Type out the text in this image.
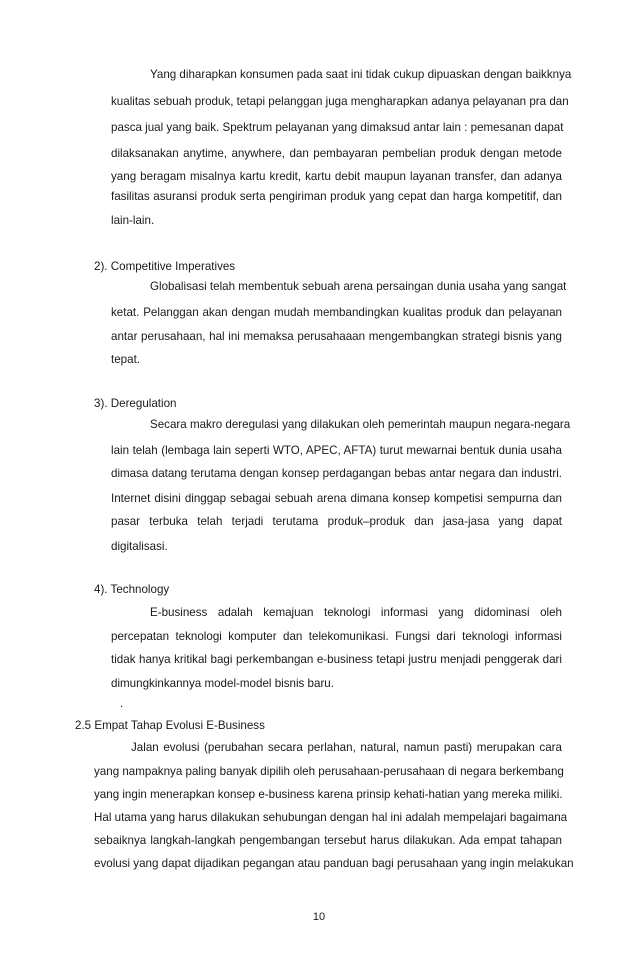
Yang diharapkan konsumen pada saat ini tidak cukup dipuaskan dengan baikknya
kualitas sebuah produk, tetapi pelanggan juga mengharapkan adanya pelayanan pra dan
pasca jual yang baik. Spektrum pelayanan yang dimaksud antar lain : pemesanan dapat
dilaksanakan anytime, anywhere, dan pembayaran pembelian produk dengan metode
yang beragam misalnya kartu kredit, kartu debit maupun layanan transfer, dan adanya
fasilitas asuransi produk serta pengiriman produk yang cepat dan harga kompetitif, dan
lain-lain.
2). Competitive Imperatives
Globalisasi telah membentuk sebuah arena persaingan dunia usaha yang sangat
ketat. Pelanggan akan dengan mudah membandingkan kualitas produk dan pelayanan
antar perusahaan, hal ini memaksa perusahaaan mengembangkan strategi bisnis yang
tepat.
3). Deregulation
Secara makro deregulasi yang dilakukan oleh pemerintah maupun negara-negara
lain telah (lembaga lain seperti WTO, APEC, AFTA) turut mewarnai bentuk dunia usaha
dimasa datang terutama dengan konsep perdagangan bebas antar negara dan industri.
Internet disini dinggap sebagai sebuah arena dimana konsep kompetisi sempurna dan
pasar terbuka telah terjadi terutama produk–produk dan jasa-jasa yang dapat
digitalisasi.
4). Technology
E-business adalah kemajuan teknologi informasi yang didominasi oleh
percepatan teknologi komputer dan telekomunikasi. Fungsi dari teknologi informasi
tidak hanya kritikal bagi perkembangan e-business tetapi justru menjadi penggerak dari
dimungkinkannya model-model bisnis baru.
.
2.5 Empat Tahap Evolusi E-Business
Jalan evolusi (perubahan secara perlahan, natural, namun pasti) merupakan cara
yang nampaknya paling banyak dipilih oleh perusahaan-perusahaan di negara berkembang
yang ingin menerapkan konsep e-business karena prinsip kehati-hatian yang mereka miliki.
Hal utama yang harus dilakukan sehubungan dengan hal ini adalah mempelajari bagaimana
sebaiknya langkah-langkah pengembangan tersebut harus dilakukan. Ada empat tahapan
evolusi yang dapat dijadikan pegangan atau panduan bagi perusahaan yang ingin melakukan
10
